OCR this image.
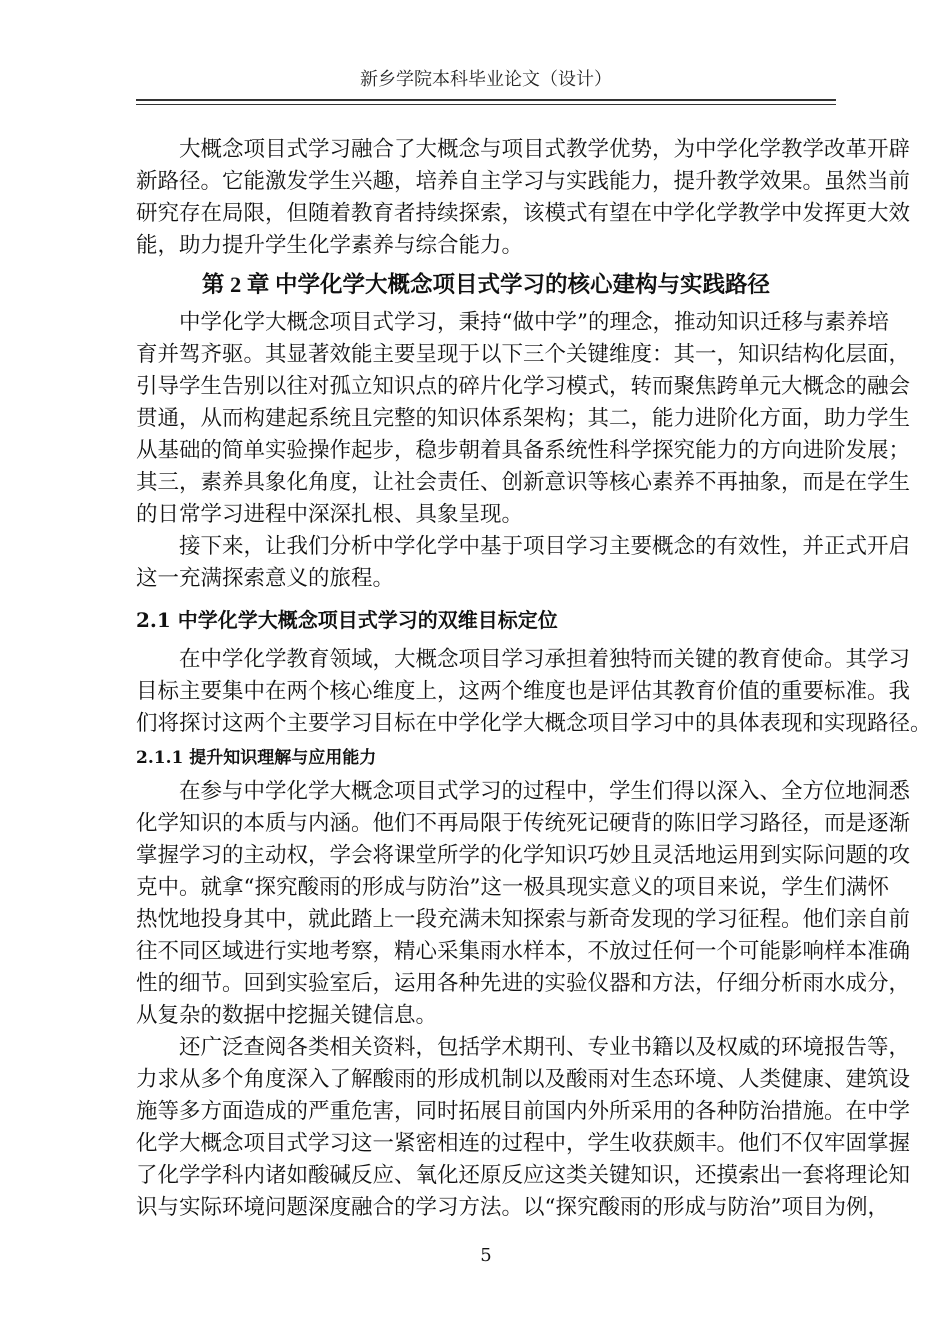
新乡学院本科毕业论文（设计）
大概念项目式学习融合了大概念与项目式教学优势，为中学化学教学改革开辟
新路径。它能激发学生兴趣，培养自主学习与实践能力，提升教学效果。虽然当前
研究存在局限，但随着教育者持续探索，该模式有望在中学化学教学中发挥更大效
能，助力提升学生化学素养与综合能力。
第 2 章 中学化学大概念项目式学习的核心建构与实践路径
中学化学大概念项目式学习，秉持“做中学”的理念，推动知识迁移与素养培
育并驾齐驱。其显著效能主要呈现于以下三个关键维度：其一，知识结构化层面，
引导学生告别以往对孤立知识点的碎片化学习模式，转而聚焦跨单元大概念的融会
贯通，从而构建起系统且完整的知识体系架构；其二，能力进阶化方面，助力学生
从基础的简单实验操作起步，稳步朝着具备系统性科学探究能力的方向进阶发展；
其三，素养具象化角度，让社会责任、创新意识等核心素养不再抽象，而是在学生
的日常学习进程中深深扎根、具象呈现。
接下来，让我们分析中学化学中基于项目学习主要概念的有效性，并正式开启
这一充满探索意义的旅程。
2.1 中学化学大概念项目式学习的双维目标定位
在中学化学教育领域，大概念项目学习承担着独特而关键的教育使命。其学习
目标主要集中在两个核心维度上，这两个维度也是评估其教育价值的重要标准。我
们将探讨这两个主要学习目标在中学化学大概念项目学习中的具体表现和实现路径。
2.1.1 提升知识理解与应用能力
在参与中学化学大概念项目式学习的过程中，学生们得以深入、全方位地洞悉
化学知识的本质与内涵。他们不再局限于传统死记硬背的陈旧学习路径，而是逐渐
掌握学习的主动权，学会将课堂所学的化学知识巧妙且灵活地运用到实际问题的攻
克中。就拿“探究酸雨的形成与防治”这一极具现实意义的项目来说，学生们满怀
热忱地投身其中，就此踏上一段充满未知探索与新奇发现的学习征程。他们亲自前
往不同区域进行实地考察，精心采集雨水样本，不放过任何一个可能影响样本准确
性的细节。回到实验室后，运用各种先进的实验仪器和方法，仔细分析雨水成分，
从复杂的数据中挖掘关键信息。
还广泛查阅各类相关资料，包括学术期刊、专业书籍以及权威的环境报告等，
力求从多个角度深入了解酸雨的形成机制以及酸雨对生态环境、人类健康、建筑设
施等多方面造成的严重危害，同时拓展目前国内外所采用的各种防治措施。在中学
化学大概念项目式学习这一紧密相连的过程中，学生收获颇丰。他们不仅牢固掌握
了化学学科内诸如酸碱反应、氧化还原反应这类关键知识，还摸索出一套将理论知
识与实际环境问题深度融合的学习方法。以“探究酸雨的形成与防治”项目为例，
5
